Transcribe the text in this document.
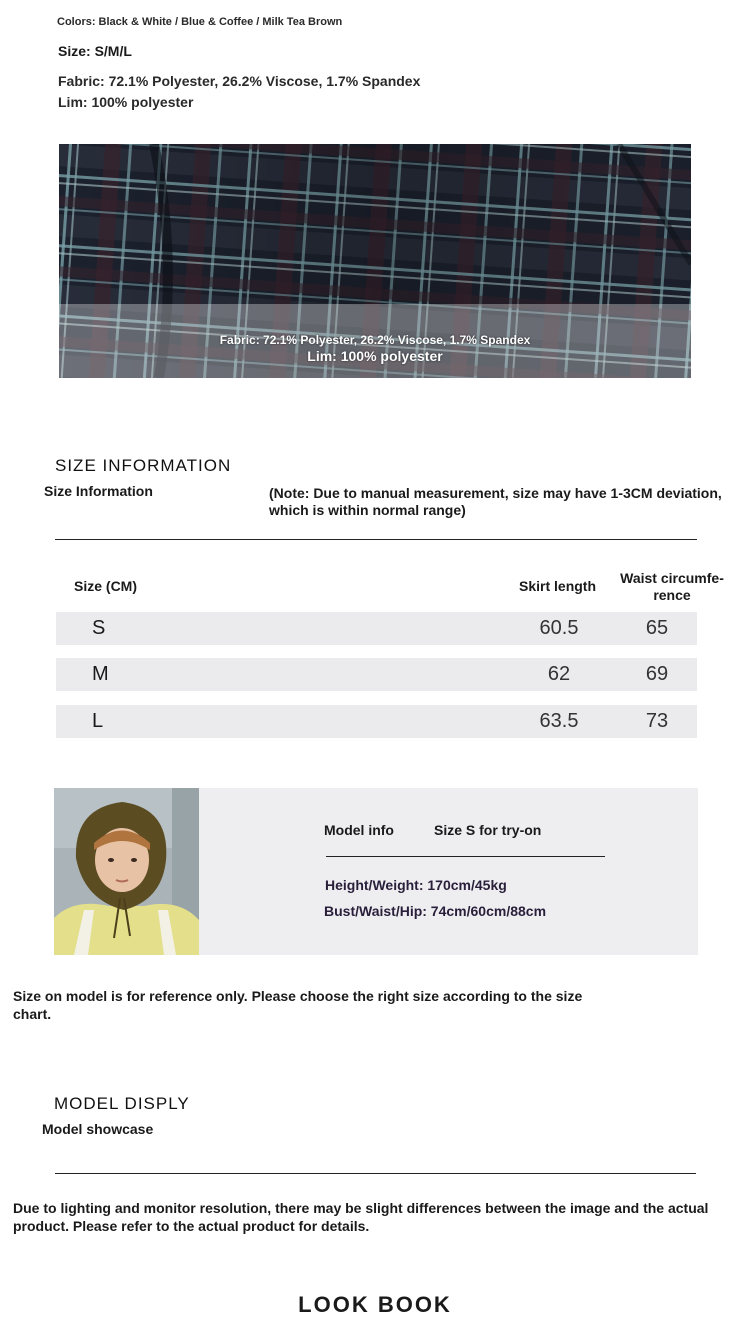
Colors: Black & White / Blue & Coffee / Milk Tea Brown
Size: S/M/L
Fabric: 72.1% Polyester, 26.2% Viscose, 1.7% Spandex
Lim: 100% polyester
Fabric: 72.1% Polyester, 26.2% Viscose, 1.7% Spandex
Lim: 100% polyester
SIZE INFORMATION
Size Information	(Note: Due to manual measurement, size may have 1-3CM deviation, which is within normal range)
Size (CM)	Skirt length	Waist circumfe-rence
S	60.5	65
M	62	69
L	63.5	73
Model info	Size S for try-on
Height/Weight: 170cm/45kg
Bust/Waist/Hip: 74cm/60cm/88cm
Size on model is for reference only. Please choose the right size according to the size chart.
MODEL DISPLY
Model showcase
Due to lighting and monitor resolution, there may be slight differences between the image and the actual product. Please refer to the actual product for details.
LOOK BOOK
